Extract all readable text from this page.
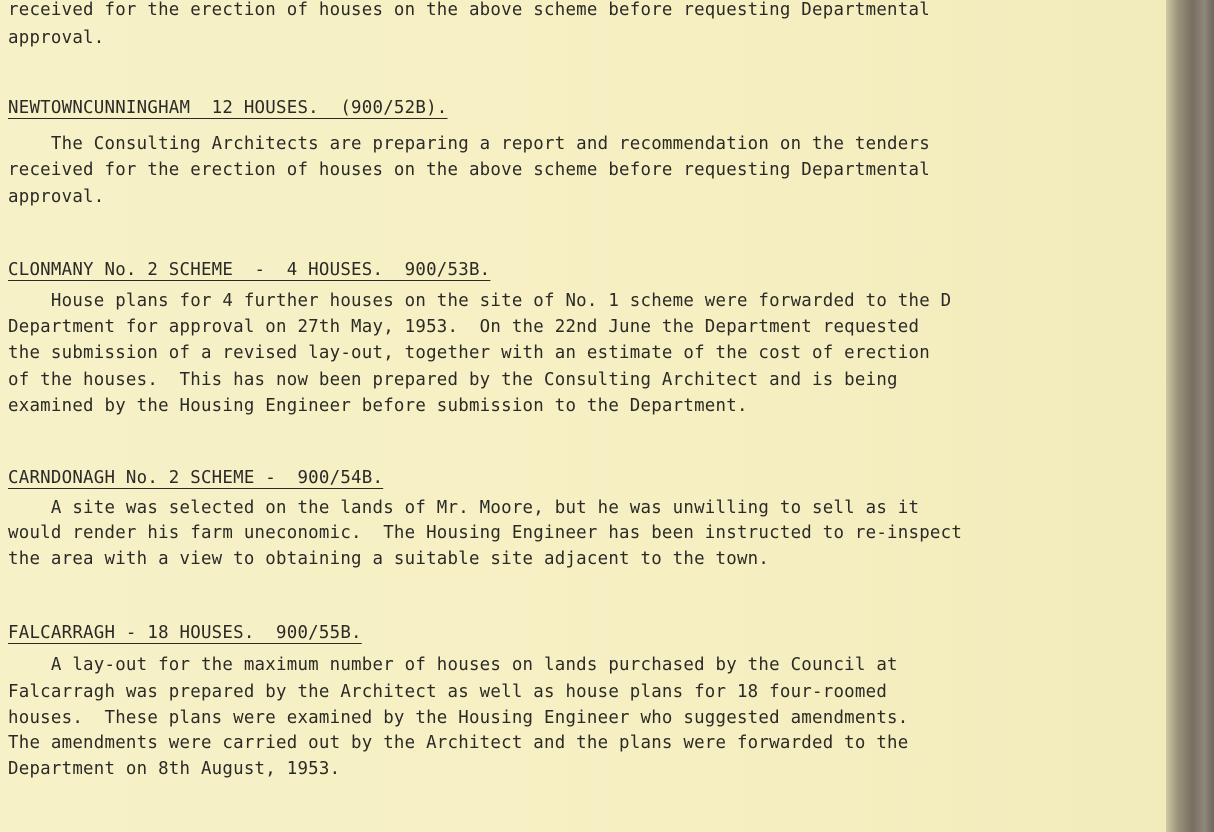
received for the erection of houses on the above scheme before requesting Departmental

approval.

NEWTOWNCUNNINGHAM  12 HOUSES.  (900/52B).

The Consulting Architects are preparing a report and recommendation on the tenders

received for the erection of houses on the above scheme before requesting Departmental

approval.

CLONMANY No. 2 SCHEME  -  4 HOUSES.  900/53B.

House plans for 4 further houses on the site of No. 1 scheme were forwarded to the D

Department for approval on 27th May, 1953.  On the 22nd June the Department requested

the submission of a revised lay-out, together with an estimate of the cost of erection

of the houses.  This has now been prepared by the Consulting Architect and is being

examined by the Housing Engineer before submission to the Department.

CARNDONAGH No. 2 SCHEME -  900/54B.

A site was selected on the lands of Mr. Moore, but he was unwilling to sell as it

would render his farm uneconomic.  The Housing Engineer has been instructed to re-inspect

the area with a view to obtaining a suitable site adjacent to the town.

FALCARRAGH - 18 HOUSES.  900/55B.

A lay-out for the maximum number of houses on lands purchased by the Council at

Falcarragh was prepared by the Architect as well as house plans for 18 four-roomed

houses.  These plans were examined by the Housing Engineer who suggested amendments.

The amendments were carried out by the Architect and the plans were forwarded to the

Department on 8th August, 1953.
